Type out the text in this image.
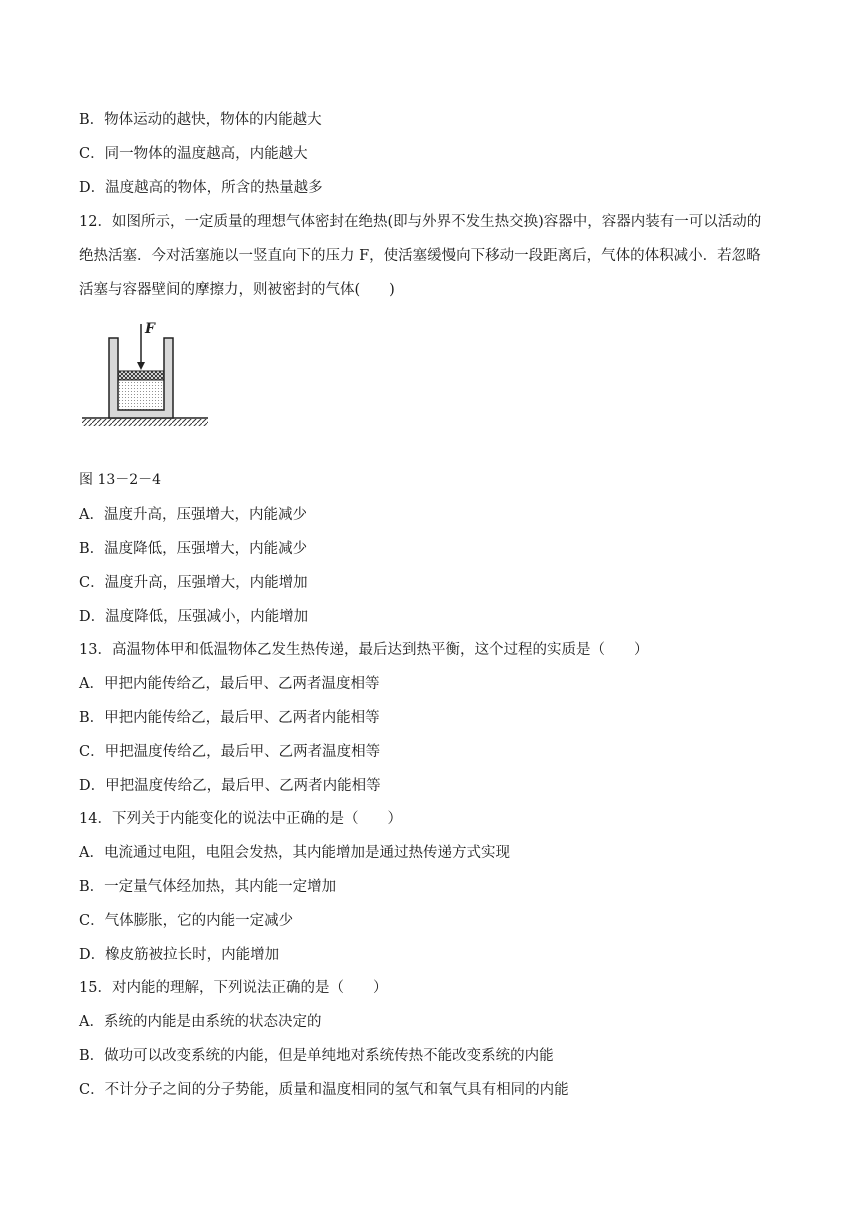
B．物体运动的越快，物体的内能越大
C．同一物体的温度越高，内能越大
D．温度越高的物体，所含的热量越多
12．如图所示，一定质量的理想气体密封在绝热(即与外界不发生热交换)容器中，容器内装有一可以活动的
绝热活塞．今对活塞施以一竖直向下的压力 F，使活塞缓慢向下移动一段距离后，气体的体积减小．若忽略
活塞与容器壁间的摩擦力，则被密封的气体(　　)
F
图 13－2－4
A．温度升高，压强增大，内能减少
B．温度降低，压强增大，内能减少
C．温度升高，压强增大，内能增加
D．温度降低，压强减小，内能增加
13．高温物体甲和低温物体乙发生热传递，最后达到热平衡，这个过程的实质是（　　）
A．甲把内能传给乙，最后甲、乙两者温度相等
B．甲把内能传给乙，最后甲、乙两者内能相等
C．甲把温度传给乙，最后甲、乙两者温度相等
D．甲把温度传给乙，最后甲、乙两者内能相等
14．下列关于内能变化的说法中正确的是（　　）
A．电流通过电阻，电阻会发热，其内能增加是通过热传递方式实现
B．一定量气体经加热，其内能一定增加
C．气体膨胀，它的内能一定减少
D．橡皮筋被拉长时，内能增加
15．对内能的理解，下列说法正确的是（　　）
A．系统的内能是由系统的状态决定的
B．做功可以改变系统的内能，但是单纯地对系统传热不能改变系统的内能
C．不计分子之间的分子势能，质量和温度相同的氢气和氧气具有相同的内能
